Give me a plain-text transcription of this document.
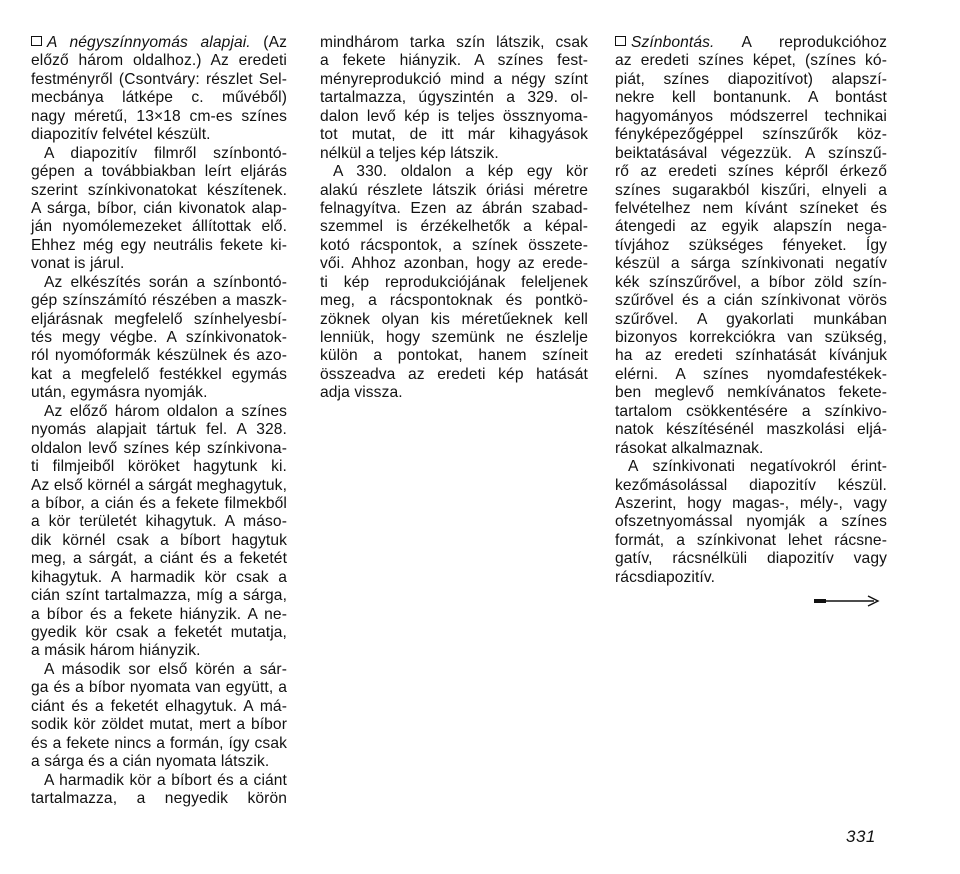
A négyszínnyomás alapjai. (Az
előző három oldalhoz.) Az eredeti
festményről (Csontváry: részlet Sel-
mecbánya látképe c. művéből)
nagy méretű, 13×18 cm-es színes
diapozitív felvétel készült.
A diapozitív filmről színbontó-
gépen a továbbiakban leírt eljárás
szerint színkivonatokat készítenek.
A sárga, bíbor, cián kivonatok alap-
ján nyomólemezeket állítottak elő.
Ehhez még egy neutrális fekete ki-
vonat is járul.
Az elkészítés során a színbontó-
gép színszámító részében a maszk-
eljárásnak megfelelő színhelyesbí-
tés megy végbe. A színkivonatok-
ról nyomóformák készülnek és azo-
kat a megfelelő festékkel egymás
után, egymásra nyomják.
Az előző három oldalon a színes
nyomás alapjait tártuk fel. A 328.
oldalon levő színes kép színkivona-
ti filmjeiből köröket hagytunk ki.
Az első körnél a sárgát meghagytuk,
a bíbor, a cián és a fekete filmekből
a kör területét kihagytuk. A máso-
dik körnél csak a bíbort hagytuk
meg, a sárgát, a ciánt és a feketét
kihagytuk. A harmadik kör csak a
cián színt tartalmazza, míg a sárga,
a bíbor és a fekete hiányzik. A ne-
gyedik kör csak a feketét mutatja,
a másik három hiányzik.
A második sor első körén a sár-
ga és a bíbor nyomata van együtt, a
ciánt és a feketét elhagytuk. A má-
sodik kör zöldet mutat, mert a bíbor
és a fekete nincs a formán, így csak
a sárga és a cián nyomata látszik.
A harmadik kör a bíbort és a ciánt
tartalmazza, a negyedik körön
mindhárom tarka szín látszik, csak
a fekete hiányzik. A színes fest-
ményreprodukció mind a négy színt
tartalmazza, úgyszintén a 329. ol-
dalon levő kép is teljes össznyoma-
tot mutat, de itt már kihagyások
nélkül a teljes kép látszik.
A 330. oldalon a kép egy kör
alakú részlete látszik óriási méretre
felnagyítva. Ezen az ábrán szabad-
szemmel is érzékelhetők a képal-
kotó rácspontok, a színek összete-
vői. Ahhoz azonban, hogy az erede-
ti kép reprodukciójának feleljenek
meg, a rácspontoknak és pontkö-
zöknek olyan kis méretűeknek kell
lenniük, hogy szemünk ne észlelje
külön a pontokat, hanem színeit
összeadva az eredeti kép hatását
adja vissza.
Színbontás. A reprodukcióhoz
az eredeti színes képet, (színes kó-
piát, színes diapozitívot) alapszí-
nekre kell bontanunk. A bontást
hagyományos módszerrel technikai
fényképezőgéppel színszűrők köz-
beiktatásával végezzük. A színszű-
rő az eredeti színes képről érkező
színes sugarakból kiszűri, elnyeli a
felvételhez nem kívánt színeket és
átengedi az egyik alapszín nega-
tívjához szükséges fényeket. Így
készül a sárga színkivonati negatív
kék színszűrővel, a bíbor zöld szín-
szűrővel és a cián színkivonat vörös
szűrővel. A gyakorlati munkában
bizonyos korrekciókra van szükség,
ha az eredeti színhatását kívánjuk
elérni. A színes nyomdafestékek-
ben meglevő nemkívánatos fekete-
tartalom csökkentésére a színkivo-
natok készítésénél maszkolási eljá-
rásokat alkalmaznak.
A színkivonati negatívokról érint-
kezőmásolással diapozitív készül.
Aszerint, hogy magas-, mély-, vagy
ofszetnyomással nyomják a színes
formát, a színkivonat lehet rácsne-
gatív, rácsnélküli diapozitív vagy
rácsdiapozitív.
331
